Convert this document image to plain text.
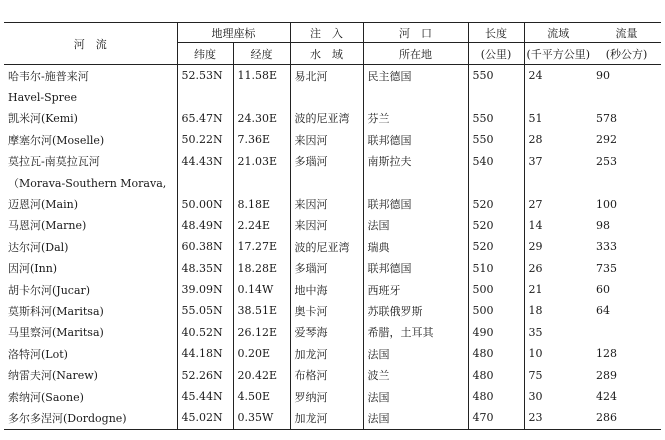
河　流	地理座标		注　入	河　口	长度	流域	流量
	纬度	经度	水　域	所在地	(公里)	(千平方公里)	(秒公方)
哈韦尔-施普来河	52.53N	11.58E	易北河	民主德国	550	24	90
Havel-Spree							
凯米河(Kemi)	65.47N	24.30E	波的尼亚湾	芬兰	550	51	578
摩塞尔河(Moselle)	50.22N	7.36E	来因河	联邦德国	550	28	292
莫拉瓦-南莫拉瓦河	44.43N	21.03E	多瑙河	南斯拉夫	540	37	253
（Morava-Southern Morava,							
迈恩河(Main)	50.00N	8.18E	来因河	联邦德国	520	27	100
马恩河(Marne)	48.49N	2.24E	来因河	法国	520	14	98
达尔河(Dal)	60.38N	17.27E	波的尼亚湾	瑞典	520	29	333
因河(Inn)	48.35N	18.28E	多瑙河	联邦德国	510	26	735
胡卡尔河(Jucar)	39.09N	0.14W	地中海	西班牙	500	21	60
莫斯科河(Maritsa)	55.05N	38.51E	奥卡河	苏联俄罗斯	500	18	64
马里察河(Maritsa)	40.52N	26.12E	爱琴海	希腊，土耳其	490	35	
洛特河(Lot)	44.18N	0.20E	加龙河	法国	480	10	128
纳雷夫河(Narew)	52.26N	20.42E	布格河	波兰	480	75	289
索纳河(Saone)	45.44N	4.50E	罗纳河	法国	480	30	424
多尔多涅河(Dordogne)	45.02N	0.35W	加龙河	法国	470	23	286
